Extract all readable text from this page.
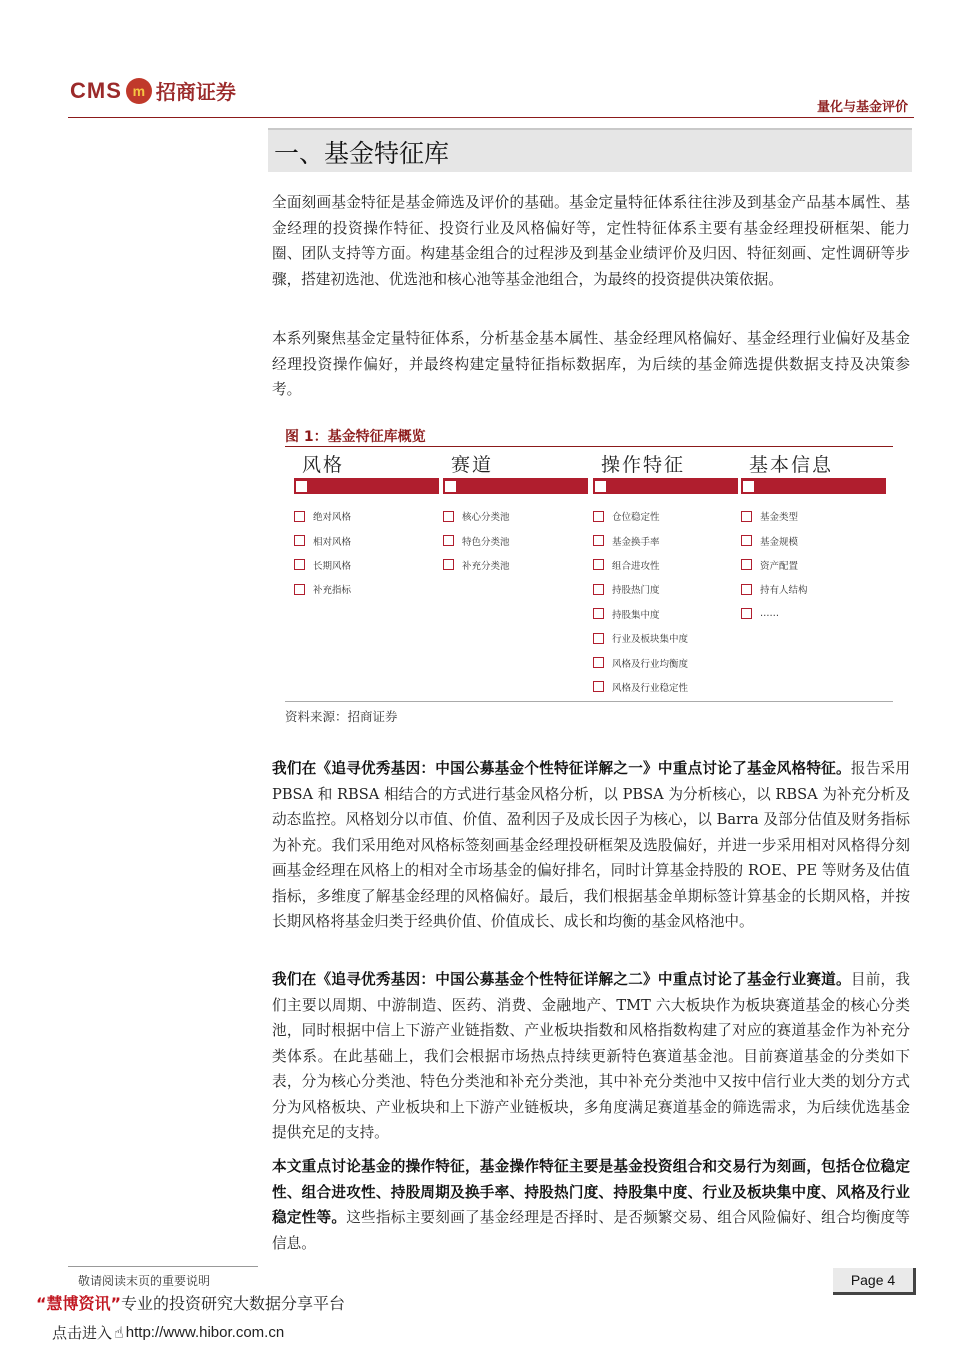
CMS m 招商证券
量化与基金评价
一、基金特征库
全面刻画基金特征是基金筛选及评价的基础。基金定量特征体系往往涉及到基金产品基本属性、基金经理的投资操作特征、投资行业及风格偏好等，定性特征体系主要有基金经理投研框架、能力圈、团队支持等方面。构建基金组合的过程涉及到基金业绩评价及归因、特征刻画、定性调研等步骤，搭建初选池、优选池和核心池等基金池组合，为最终的投资提供决策依据。
本系列聚焦基金定量特征体系，分析基金基本属性、基金经理风格偏好、基金经理行业偏好及基金经理投资操作偏好，并最终构建定量特征指标数据库，为后续的基金筛选提供数据支持及决策参考。
图 1：基金特征库概览
风格
绝对风格
相对风格
长期风格
补充指标
赛道
核心分类池
特色分类池
补充分类池
操作特征
仓位稳定性
基金换手率
组合进攻性
持股热门度
持股集中度
行业及板块集中度
风格及行业均衡度
风格及行业稳定性
基本信息
基金类型
基金规模
资产配置
持有人结构
……
资料来源：招商证券
我们在《追寻优秀基因：中国公募基金个性特征详解之一》中重点讨论了基金风格特征。报告采用 PBSA 和 RBSA 相结合的方式进行基金风格分析，以 PBSA 为分析核心，以 RBSA 为补充分析及动态监控。风格划分以市值、价值、盈利因子及成长因子为核心，以 Barra 及部分估值及财务指标为补充。我们采用绝对风格标签刻画基金经理投研框架及选股偏好，并进一步采用相对风格得分刻画基金经理在风格上的相对全市场基金的偏好排名，同时计算基金持股的 ROE、PE 等财务及估值指标，多维度了解基金经理的风格偏好。最后，我们根据基金单期标签计算基金的长期风格，并按长期风格将基金归类于经典价值、价值成长、成长和均衡的基金风格池中。
我们在《追寻优秀基因：中国公募基金个性特征详解之二》中重点讨论了基金行业赛道。目前，我们主要以周期、中游制造、医药、消费、金融地产、TMT 六大板块作为板块赛道基金的核心分类池，同时根据中信上下游产业链指数、产业板块指数和风格指数构建了对应的赛道基金作为补充分类体系。在此基础上，我们会根据市场热点持续更新特色赛道基金池。目前赛道基金的分类如下表，分为核心分类池、特色分类池和补充分类池，其中补充分类池中又按中信行业大类的划分方式分为风格板块、产业板块和上下游产业链板块，多角度满足赛道基金的筛选需求，为后续优选基金提供充足的支持。
本文重点讨论基金的操作特征，基金操作特征主要是基金投资组合和交易行为刻画，包括仓位稳定性、组合进攻性、持股周期及换手率、持股热门度、持股集中度、行业及板块集中度、风格及行业稳定性等。这些指标主要刻画了基金经理是否择时、是否频繁交易、组合风险偏好、组合均衡度等信息。
敬请阅读末页的重要说明	Page 4
“慧博资讯”专业的投资研究大数据分享平台
点击进入 ☝ http://www.hibor.com.cn
